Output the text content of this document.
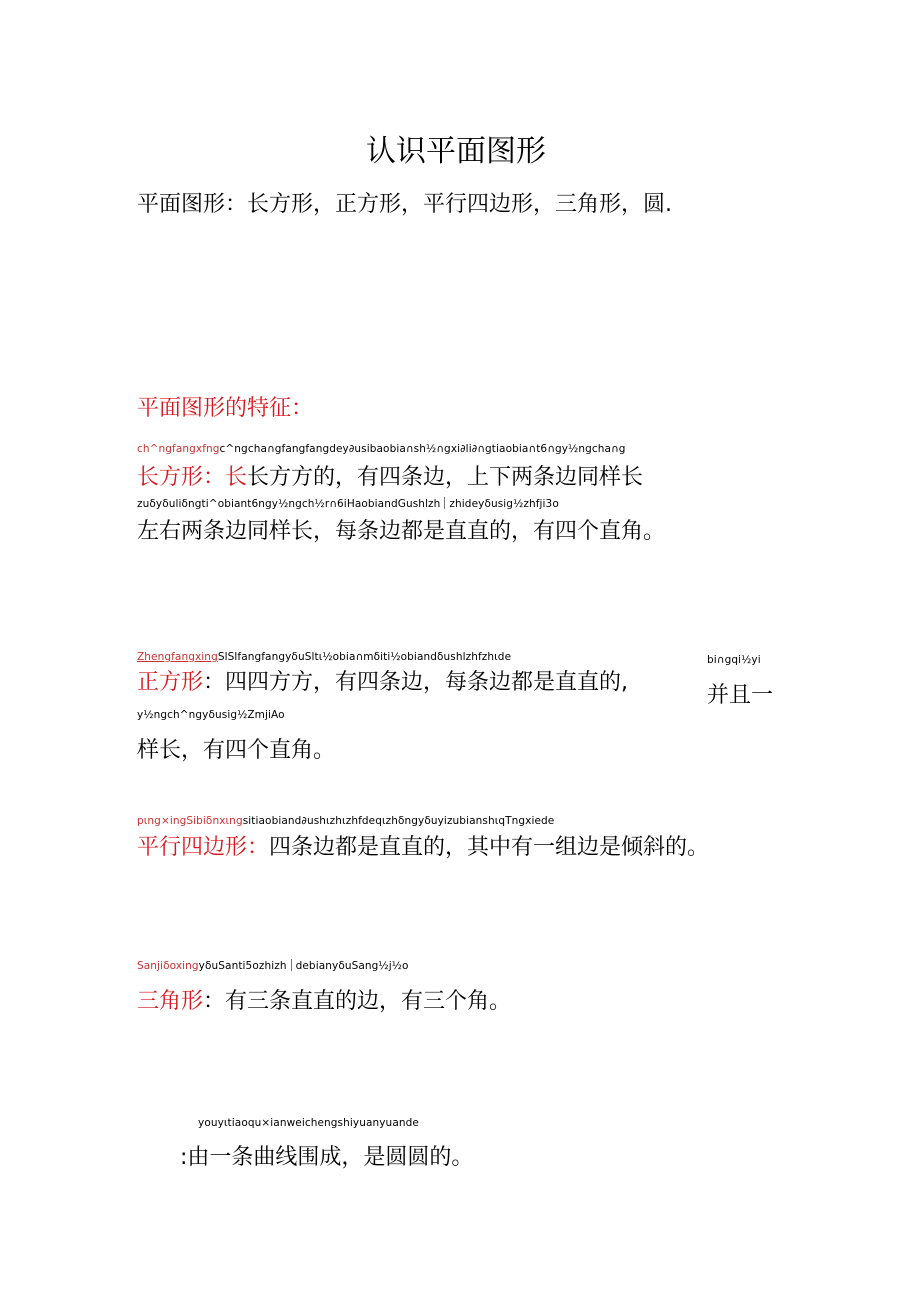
认识平面图形
平面图形：长方形，正方形，平行四边形，三角形，圆.
平面图形的特征：
ch^ngfangxfngc^ngcha∩gfangfangdey∂usibaobia∩sh½∩gxi∂li∂∩gtiaobia∩t6∩gy½ngcha∩g
长方形：长长方方的，有四条边，上下两条边同样长
zuδyδuliδngti^obiant6ngy½ngch½r∩6iHaobiandGushlzh zhideyδusig½zhfji3o
左右两条边同样长，每条边都是直直的，有四个直角。
ZhengfangxingSlSlfangfangyδuSltι½obia∩mδiti½obiandδushlzhfzhιde	bi∩gqi½yi
正方形：四四方方，有四条边，每条边都是直直的,
并且一
y½ngch^ngyδusig½ZmjiAo
样长，有四个直角。
pιng×ingSibiδnxιngsitiaobiand∂ushιzhιzhfdeqιzhδngyδuyizubianshιqTngxiede
平行四边形：四条边都是直直的，其中有一组边是倾斜的。
SanjiδoxingyδuSanti5ozhizh debianyδuSang½j½o
三角形：有三条直直的边，有三个角。
youyιtiaoqu×ianweichengshiyuanyuande
:由一条曲线围成，是圆圆的。
